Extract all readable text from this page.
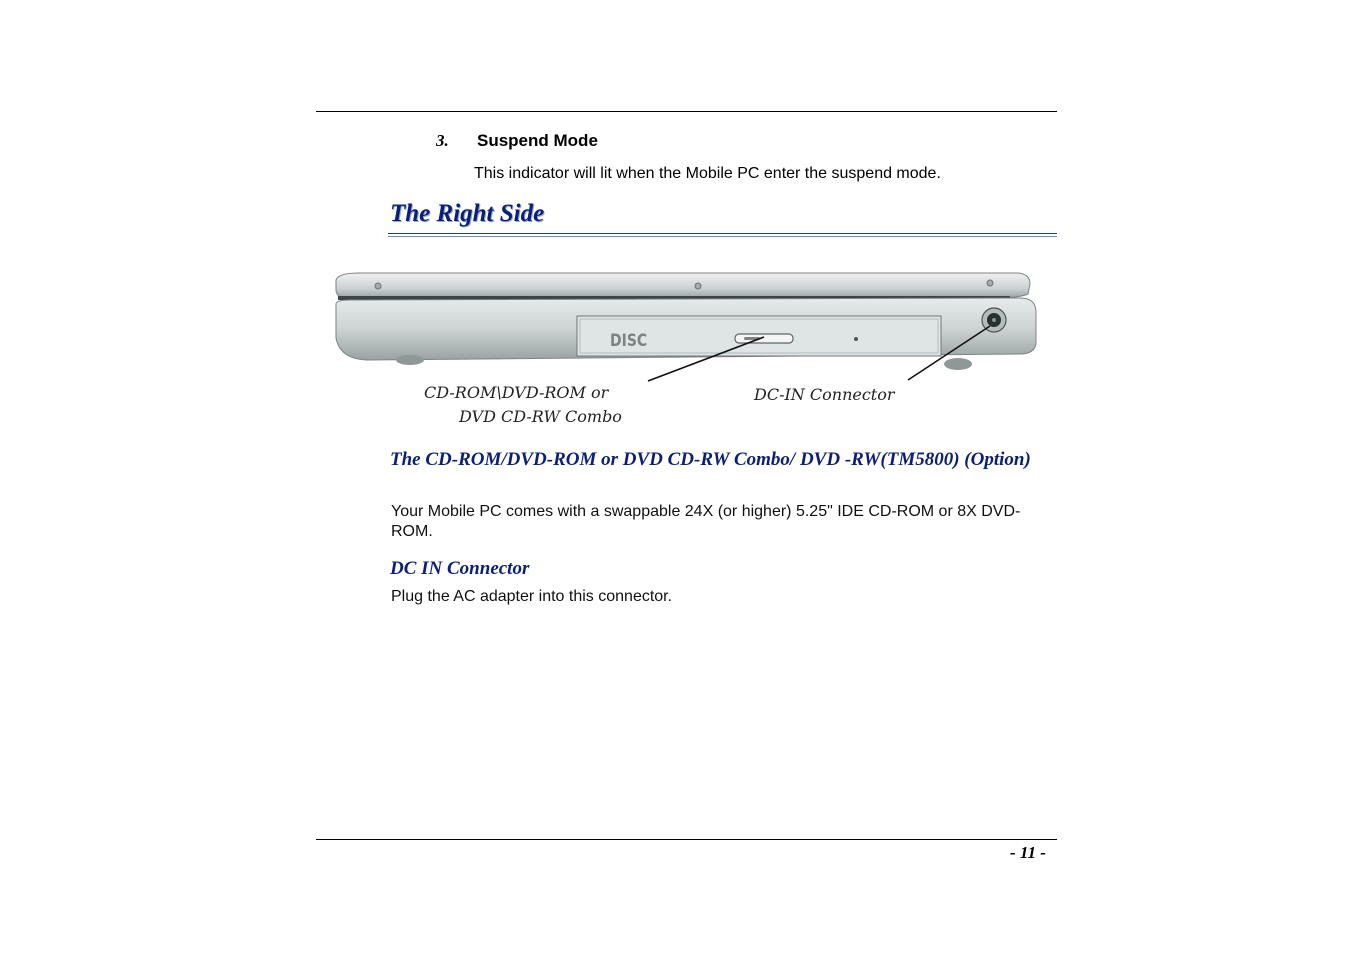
3. Suspend Mode
This indicator will lit when the Mobile PC enter the suspend mode.
The Right Side
DISC
CD-ROM\DVD-ROM or
DVD CD-RW Combo
DC-IN Connector
The CD-ROM/DVD-ROM or DVD CD-RW Combo/ DVD -RW(TM5800) (Option)
Your Mobile PC comes with a swappable 24X (or higher) 5.25" IDE CD-ROM or 8X DVD-ROM.
DC IN Connector
Plug the AC adapter into this connector.
- 11 -
